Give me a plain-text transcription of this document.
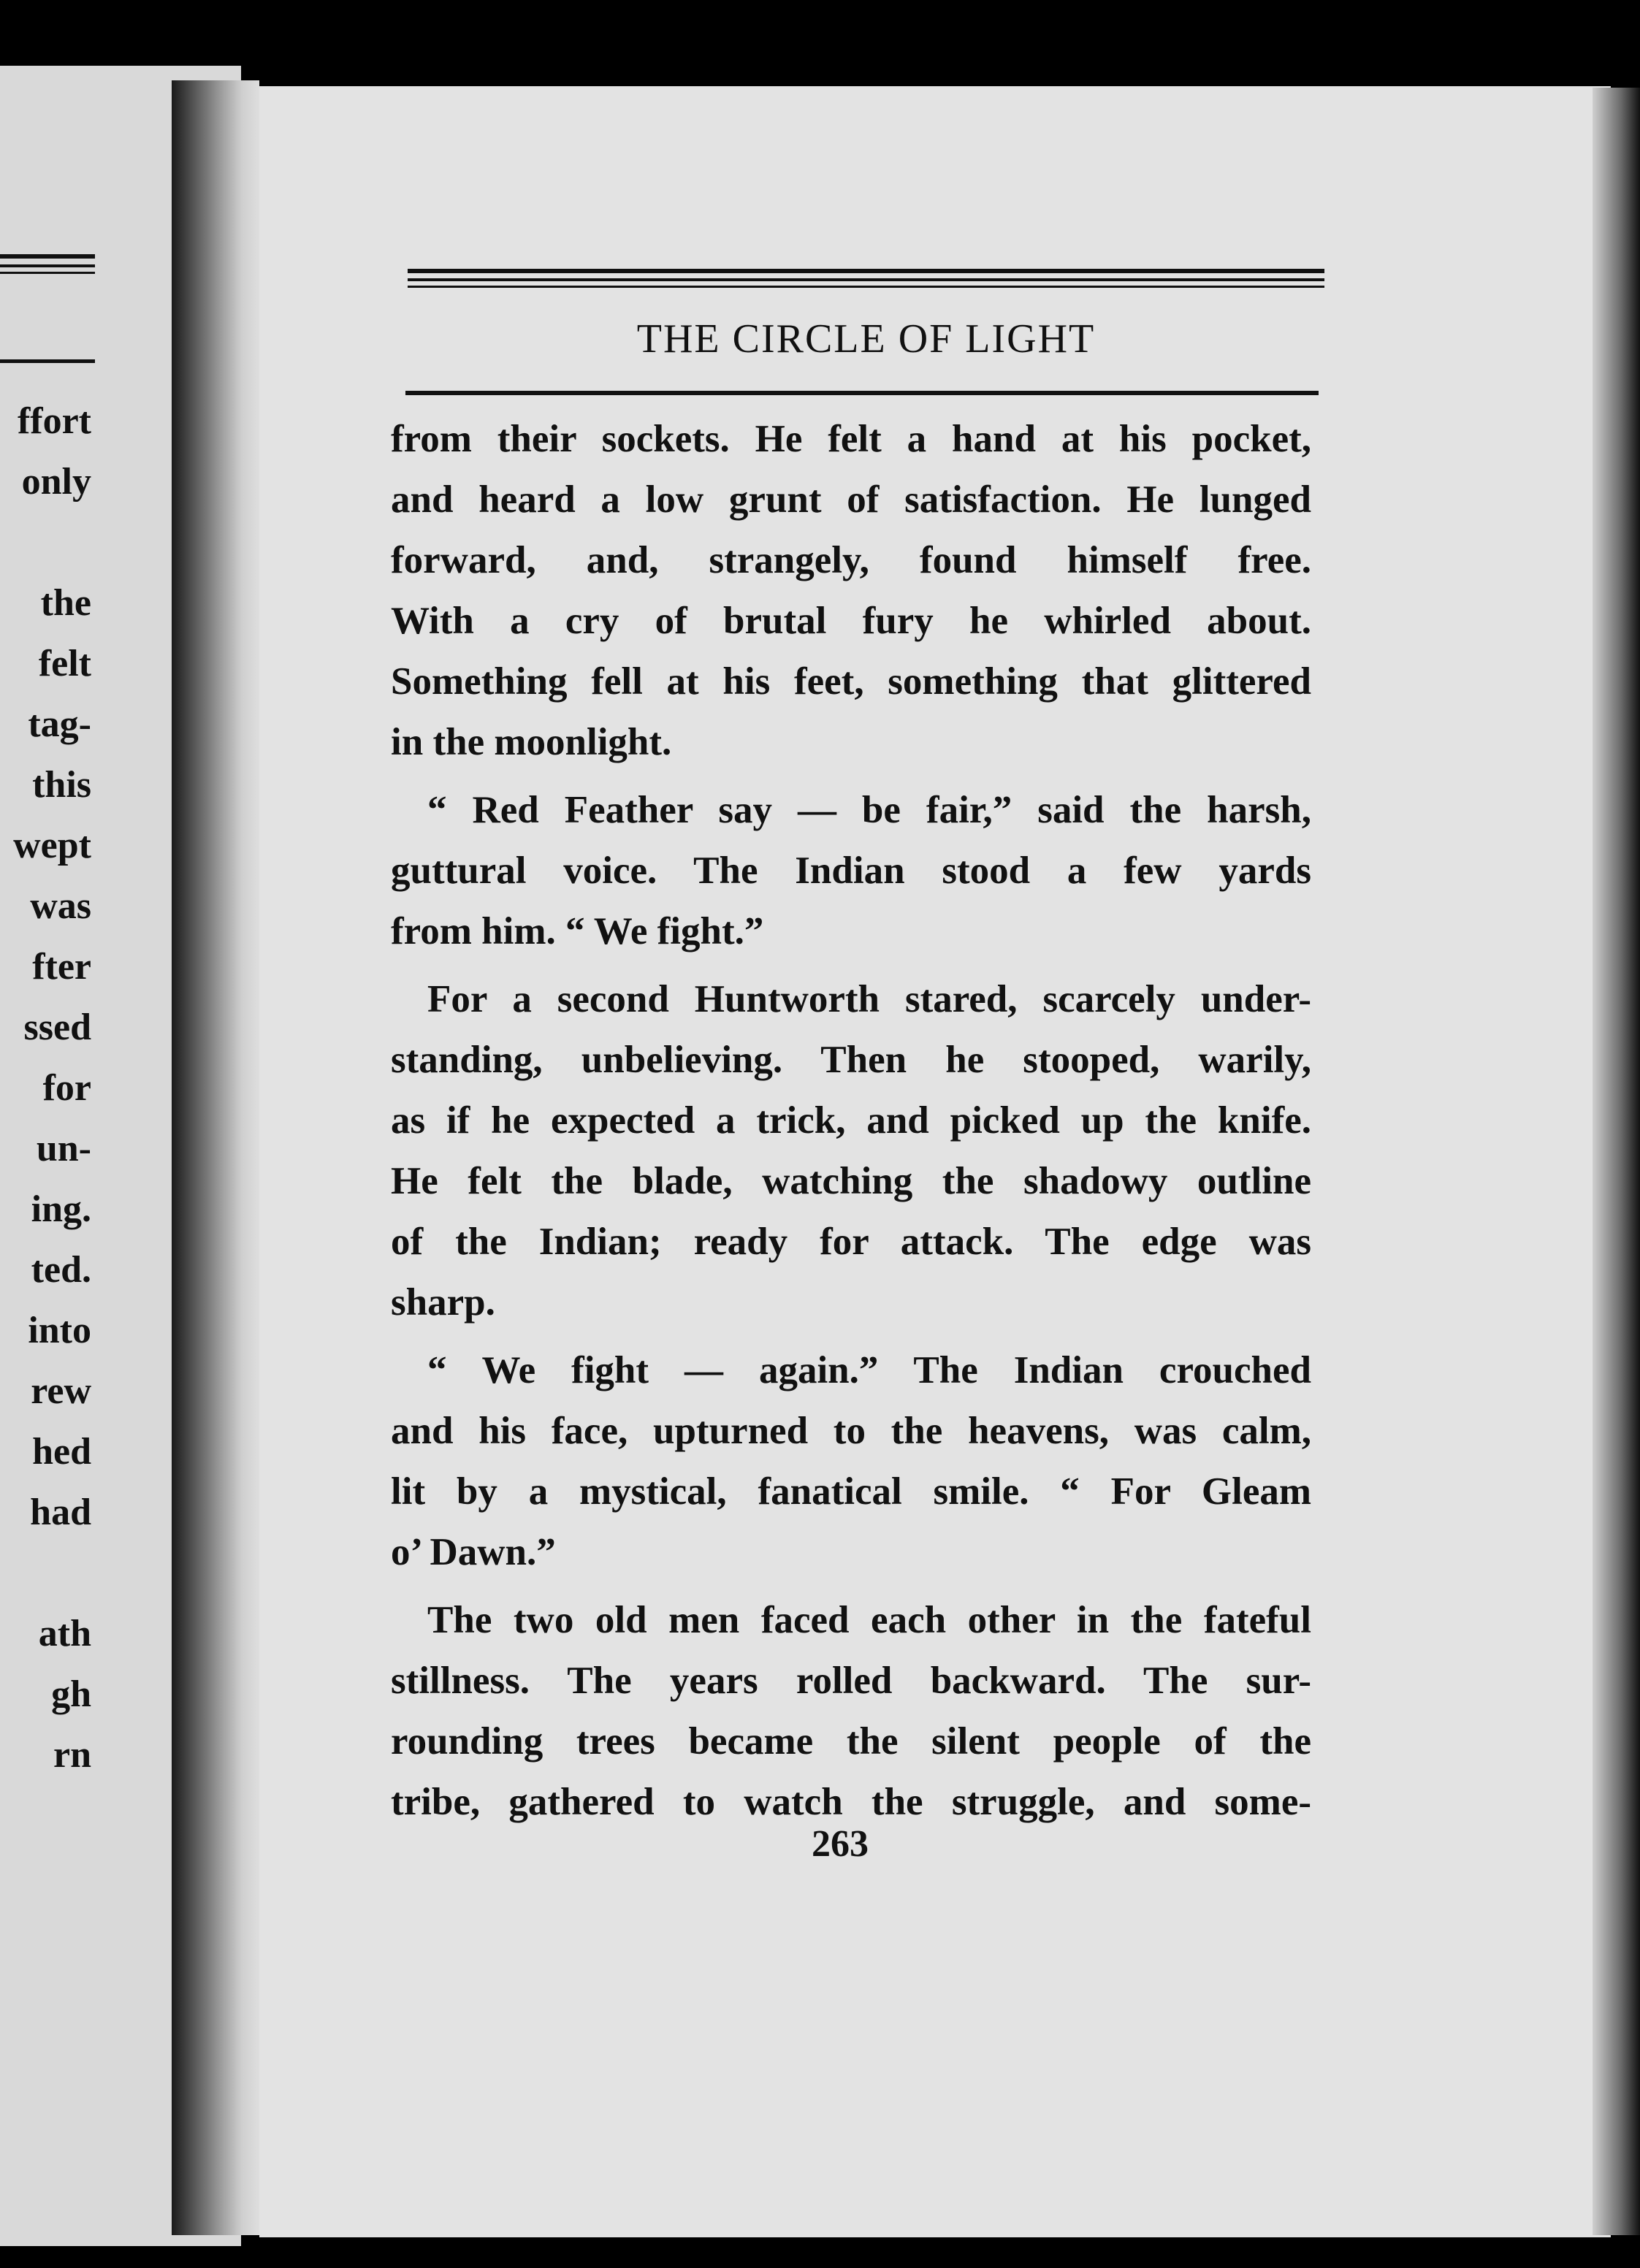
ffort
only
the
felt
tag-
this
wept
was
fter
ssed
for
un-
ing.
ted.
into
rew
hed
had
ath
gh
rn
THE CIRCLE OF LIGHT
from their sockets. He felt a hand at his pocket,
and heard a low grunt of satisfaction. He lunged
forward, and, strangely, found himself free.
With a cry of brutal fury he whirled about.
Something fell at his feet, something that glittered
in the moonlight.
“ Red Feather say — be fair,” said the harsh,
guttural voice. The Indian stood a few yards
from him. “ We fight.”
For a second Huntworth stared, scarcely under-
standing, unbelieving. Then he stooped, warily,
as if he expected a trick, and picked up the knife.
He felt the blade, watching the shadowy outline
of the Indian; ready for attack. The edge was
sharp.
“ We fight — again.” The Indian crouched
and his face, upturned to the heavens, was calm,
lit by a mystical, fanatical smile. “ For Gleam
o’ Dawn.”
The two old men faced each other in the fateful
stillness. The years rolled backward. The sur-
rounding trees became the silent people of the
tribe, gathered to watch the struggle, and some-
263
